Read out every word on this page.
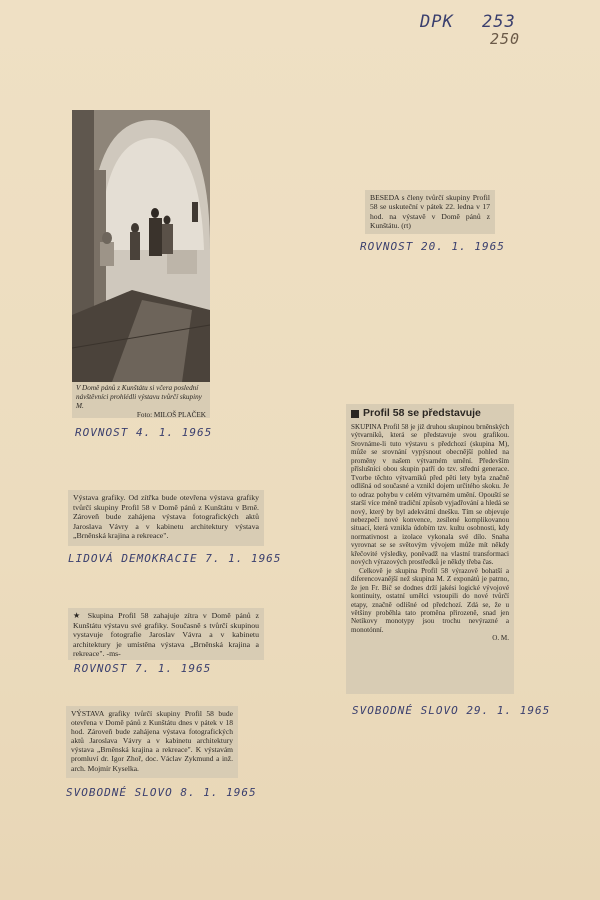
DPK 253
250
V Domě pánů z Kunštátu si včera poslední návštěvníci prohlédli výstavu tvůrčí skupiny M.
Foto: MILOŠ PLAČEK
ROVNOST 4. 1. 1965

BESEDA s členy tvůrčí skupiny Profil 58 se uskuteční v pátek 22. ledna v 17 hod. na výstavě v Domě pánů z Kunštátu. (rt)

ROVNOST 20. 1. 1965
Profil 58 se představuje

SKUPINA Profil 58 je již druhou skupinou brněnských výtvarníků, která se představuje svou grafikou. Srovnáme-li tuto výstavu s předchozí (skupina M), může se srovnání vypýsnout obecnější pohled na proměny v našem výtvarném umění. Především příslušníci obou skupin patří do tzv. střední generace. Tvorbe těchto výtvarníků před pěti lety byla značně odlišná od současné a vznikl dojem určitého skoku. Je to odraz pohybu v celém výtvarném umění. Opouští se starší více méně tradiční způsob vyjadřování a hledá se nový, který by byl adekvátní dnešku. Tím se objevuje nebezpečí nové konvence, zesílené komplikovanou situací, která vznikla údobím tzv. kultu osobnosti, kdy normativnost a izolace vykonala své dílo. Snaha vyrovnat se se světovým vývojem může mít někdy křečovité výsledky, poněvadž na vlastní transformaci nových výrazových prostředků je někdy třeba čas.

Celkově je skupina Profil 58 výrazově bohatší a diferencovanější než skupina M. Z exponátů je patrno, že jen Fr. Bič se dodnes drží jakési logické vývojové kontinuity, ostatní umělci vstoupili do nové tvůrčí etapy, značně odlišné od předchozí. Zdá se, že u většiny proběhla tato proměna přirozeně, snad jen Netíkovy monotypy jsou trochu nevýrazné a monotónní.

O. M.

SVOBODNÉ SLOVO 29. 1. 1965

Výstava grafiky. Od zítřka bude otevřena výstava grafiky tvůrčí skupiny Profil 58 v Domě pánů z Kunštátu v Brně. Zároveň bude zahájena výstava fotografických aktů Jaroslava Vávry a v kabinetu architektury výstava „Brněnská krajina a rekreace".

LIDOVÁ DEMOKRACIE 7. 1. 1965

★ Skupina Profil 58 zahajuje zítra v Domě pánů z Kunštátu výstavu své grafiky. Současně s tvůrčí skupinou vystavuje fotografie Jaroslav Vávra a v kabinetu architektury je umístěna výstava „Brněnská krajina a rekreace". -ms-

ROVNOST 7. 1. 1965

VÝSTAVA grafiky tvůrčí skupiny Profil 58 bude otevřena v Domě pánů z Kunštátu dnes v pátek v 18 hod. Zároveň bude zahájena výstava fotografických aktů Jaroslava Vávry a v kabinetu architektury výstava „Brněnská krajina a rekreace". K výstavám promluví dr. Igor Zhoř, doc. Václav Zykmund a inž. arch. Mojmír Kyselka.

SVOBODNÉ SLOVO 8. 1. 1965
